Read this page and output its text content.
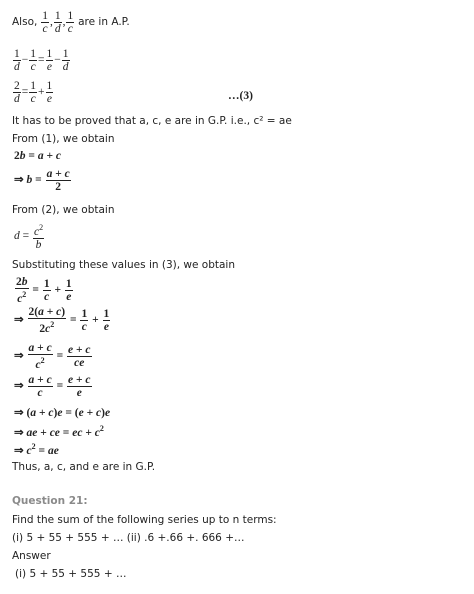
Also, $\frac{1}{c}$ , $\frac{1}{d}$ , $\frac{1}{c}$ are in A.P.
$\frac{1}{d} - \frac{1}{c} = \frac{1}{e} - \frac{1}{d}$
$\frac{2}{d} = \frac{1}{c} + \frac{1}{e}$	…(3)
It has to be proved that a, c, e are in G.P. i.e., c² = ae
From (1), we obtain
2b = a + c
⇒ $b = \frac{a + c}{2}$
From (2), we obtain
$d = \frac{c^2}{b}$
Substituting these values in (3), we obtain
$\frac{2b}{c^2} = \frac{1}{c} + \frac{1}{e}$
⇒ $\frac{2(a + c)}{2c^2} = \frac{1}{c} + \frac{1}{e}$
⇒ $\frac{a + c}{c^2} = \frac{e + c}{ce}$
⇒ $\frac{a + c}{c} = \frac{e + c}{e}$
⇒ (a + c)e = (e + c)e
⇒ ae + ce = ec + $c^2$
⇒ $c^2$ = ae
Thus, a, c, and e are in G.P.
Question 21:
Find the sum of the following series up to n terms:
(i) 5 + 55 + 555 + … (ii) .6 +.66 +. 666 +…
Answer
(i) 5 + 55 + 555 + …
